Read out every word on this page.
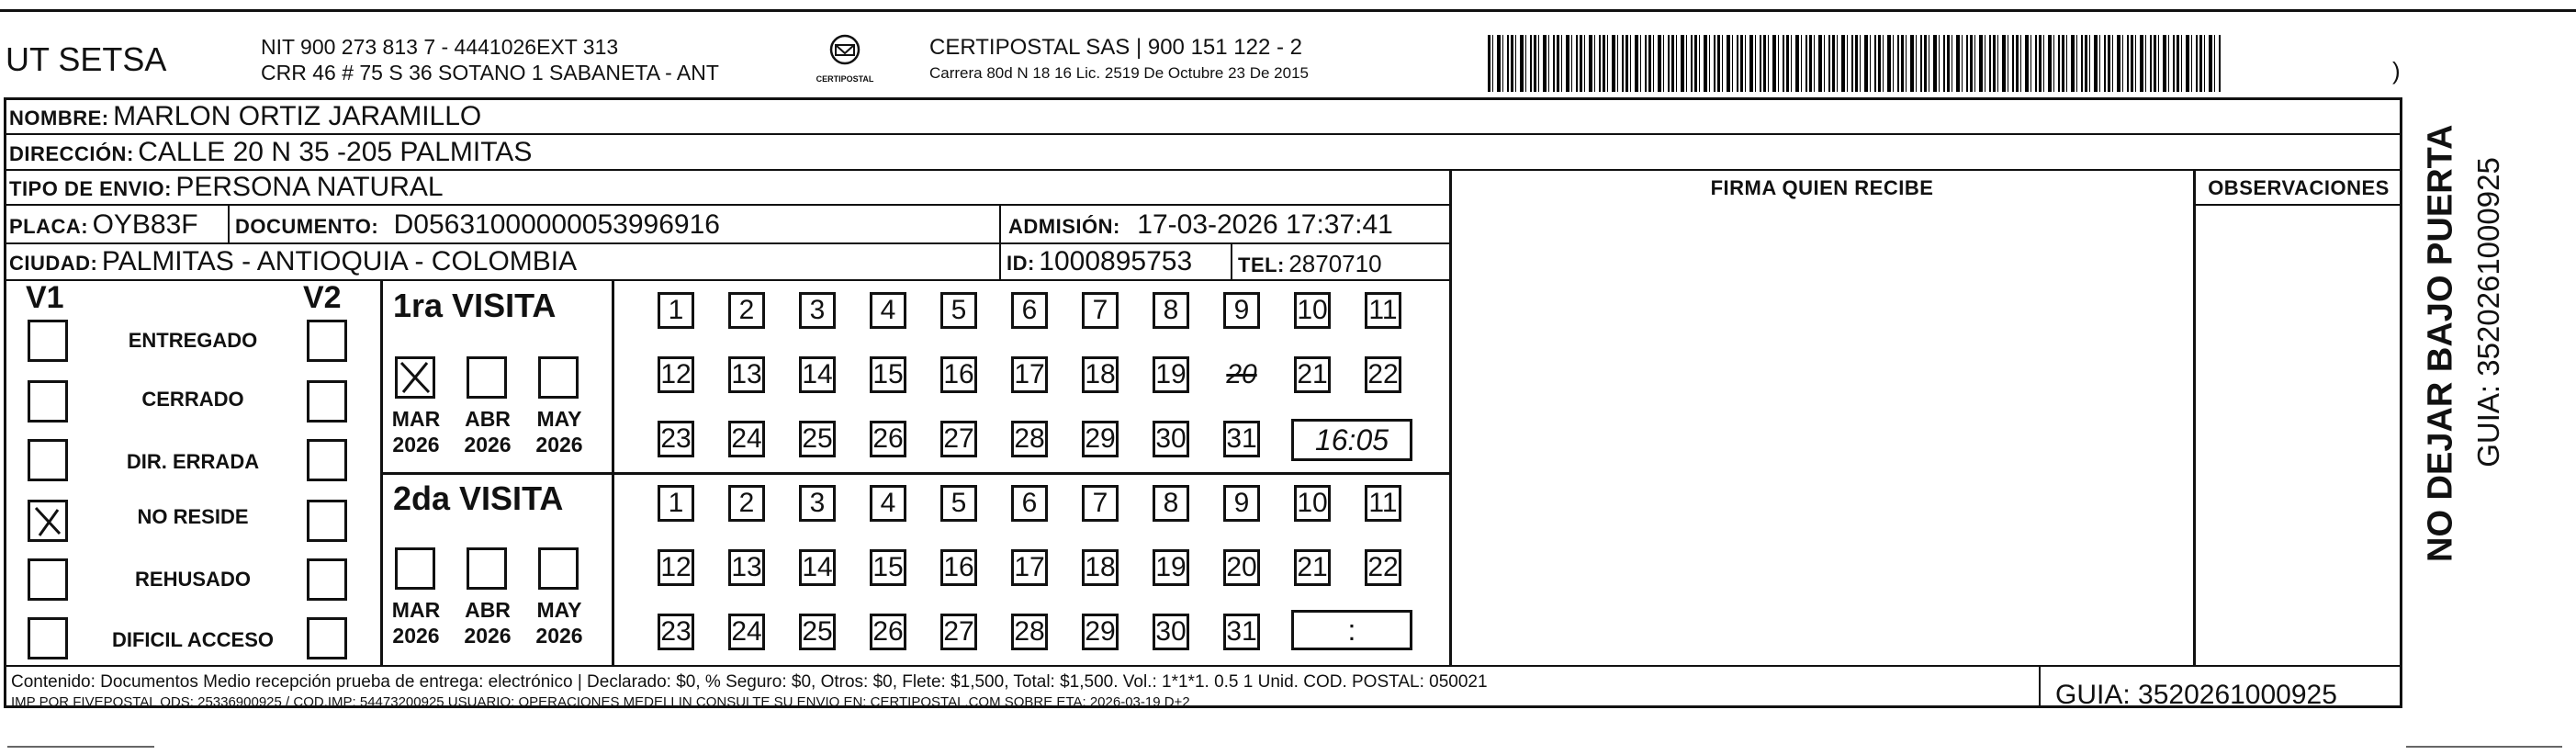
UT SETSA	NIT 900 273 813 7 - 4441026EXT 313
CRR 46 # 75 S 36 SOTANO 1 SABANETA - ANT	CERTIPOSTAL
CERTIPOSTAL SAS | 900 151 122 - 2
Carrera 80d N 18 16 Lic. 2519 De Octubre 23 De 2015	)
NOMBRE: MARLON ORTIZ JARAMILLO
DIRECCIÓN: CALLE 20 N 35 -205 PALMITAS
TIPO DE ENVIO: PERSONA NATURAL
PLACA: OYB83F DOCUMENTO: D05631000000053996916	ADMISIÓN: 17-03-2026 17:37:41
CIUDAD: PALMITAS - ANTIOQUIA - COLOMBIA	ID: 1000895753 TEL: 2870710
FIRMA QUIEN RECIBE	OBSERVACIONES
V1	V2
ENTREGADO
CERRADO
DIR. ERRADA
NO RESIDE
REHUSADO
DIFICIL ACCESO
1ra VISITA
MAR
2026
ABR
2026
MAY
2026
2da VISITA
MAR
2026
ABR
2026
MAY
2026
1 2 3 4 5 6 7 8 9 10 11
12 13 14 15 16 17 18 19 20 21 22
23 24 25 26 27 28 29 30 31
1 2 3 4 5 6 7 8 9 10 11
12 13 14 15 16 17 18 19 20 21 22
23 24 25 26 27 28 29 30 31
16:05
:
Contenido: Documentos Medio recepción prueba de entrega: electrónico | Declarado: $0, % Seguro: $0, Otros: $0, Flete: $1,500, Total: $1,500. Vol.: 1*1*1. 0.5 1 Unid. COD. POSTAL: 050021
IMP POR FIVEPOSTAL ODS: 25336900925 / COD.IMP: 54473200925 USUARIO: OPERACIONES MEDELLIN CONSULTE SU ENVIO EN: CERTIPOSTAL.COM SOBRE ETA: 2026-03-19 D+2	GUIA: 3520261000925
NO DEJAR BAJO PUERTA GUIA: 3520261000925
